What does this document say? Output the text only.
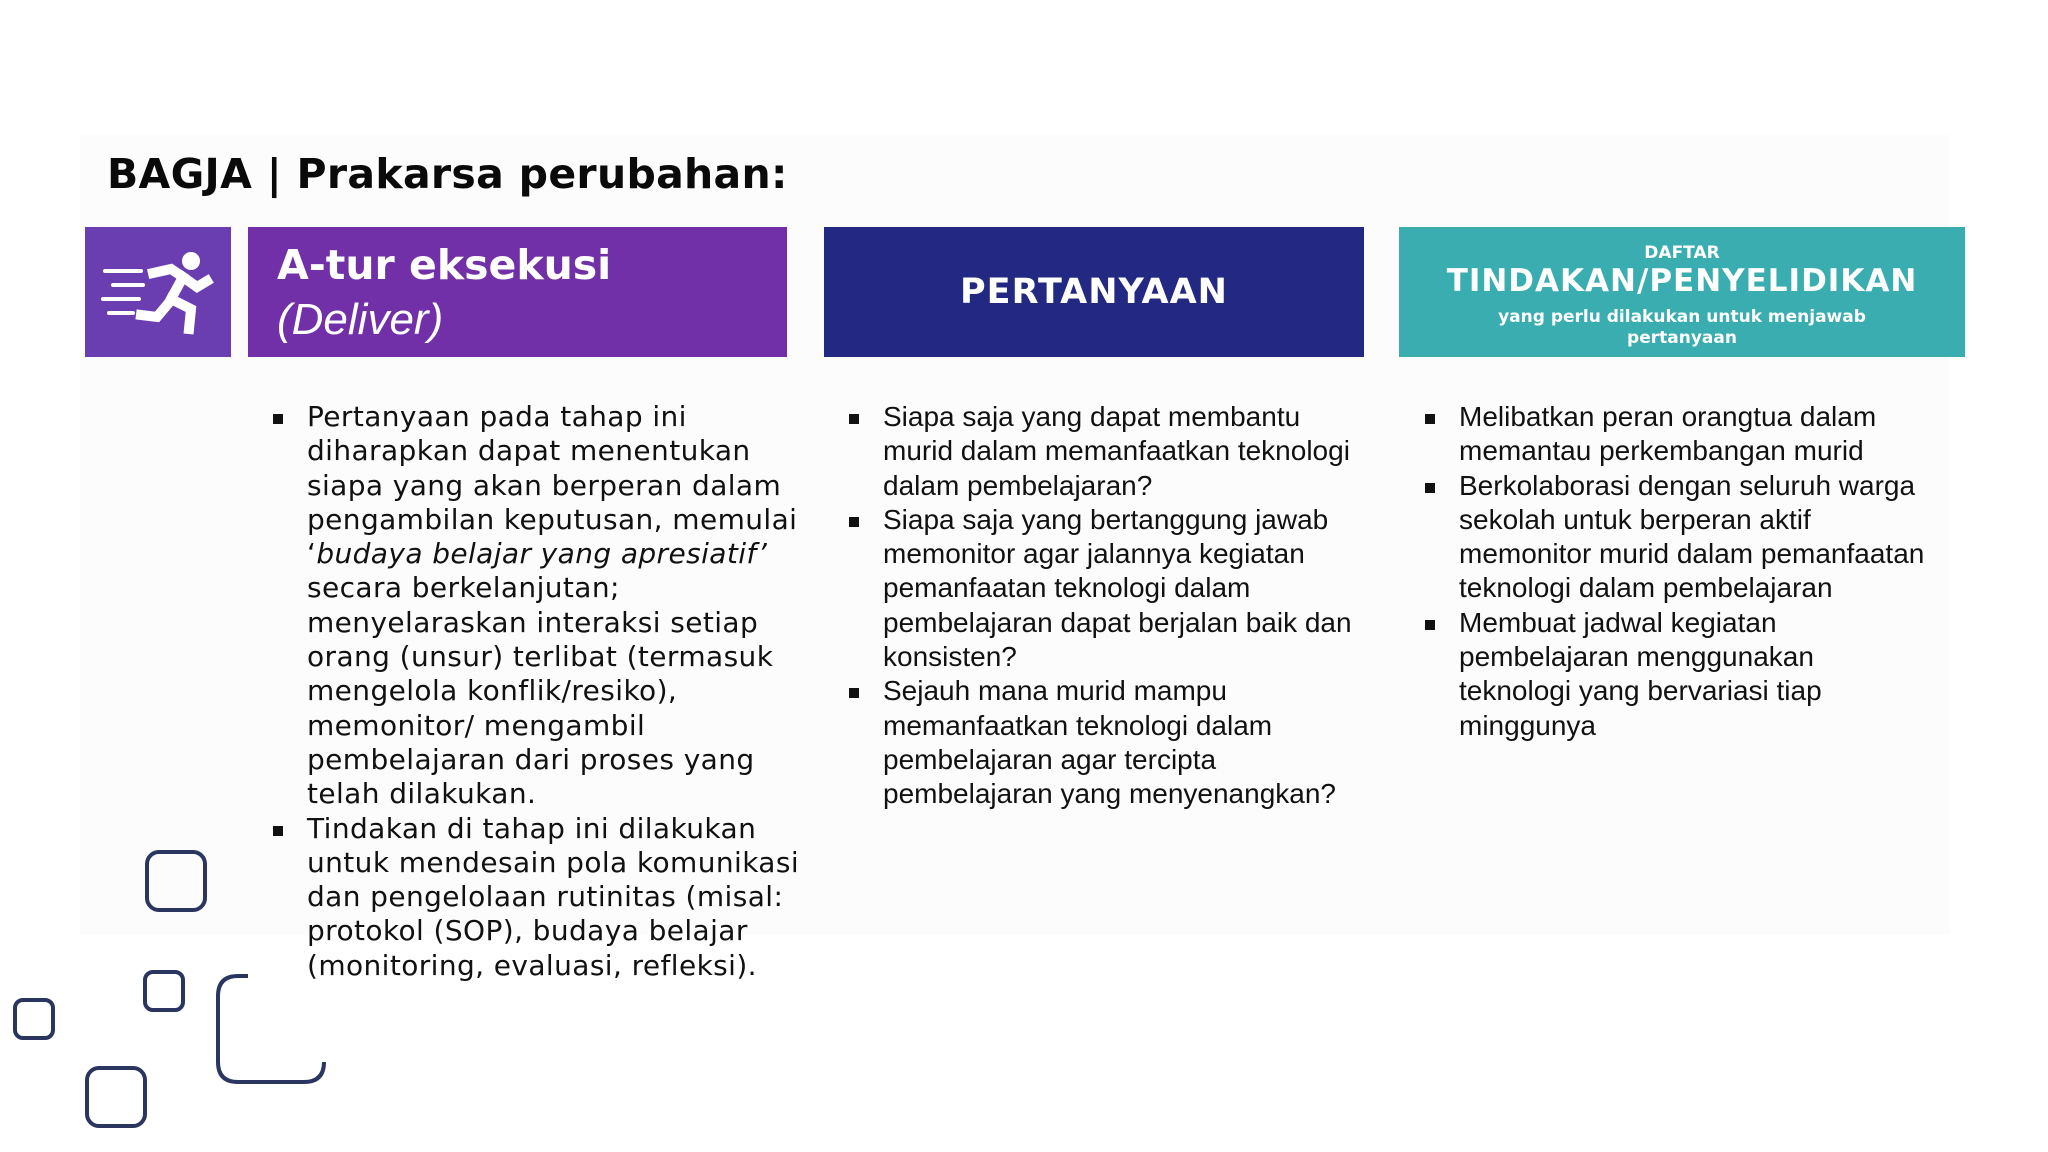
BAGJA | Prakarsa perubahan:
A-tur eksekusi
(Deliver)
PERTANYAAN
DAFTAR
TINDAKAN/PENYELIDIKAN
yang perlu dilakukan untuk menjawab pertanyaan
Pertanyaan pada tahap ini diharapkan dapat menentukan siapa yang akan berperan dalam pengambilan keputusan, memulai ‘budaya belajar yang apresiatif’ secara berkelanjutan; menyelaraskan interaksi setiap orang (unsur) terlibat (termasuk mengelola konflik/resiko), memonitor/ mengambil pembelajaran dari proses yang telah dilakukan.
Tindakan di tahap ini dilakukan untuk mendesain pola komunikasi dan pengelolaan rutinitas (misal: protokol (SOP), budaya belajar (monitoring, evaluasi, refleksi).
Siapa saja yang dapat membantu murid dalam memanfaatkan teknologi dalam pembelajaran?
Siapa saja yang bertanggung jawab memonitor agar jalannya kegiatan pemanfaatan teknologi dalam pembelajaran dapat berjalan baik dan konsisten?
Sejauh mana murid mampu memanfaatkan teknologi dalam pembelajaran agar tercipta pembelajaran yang menyenangkan?
Melibatkan peran orangtua dalam memantau perkembangan murid
Berkolaborasi dengan seluruh warga sekolah untuk berperan aktif memonitor murid dalam pemanfaatan teknologi dalam pembelajaran
Membuat jadwal kegiatan pembelajaran menggunakan teknologi yang bervariasi tiap minggunya
